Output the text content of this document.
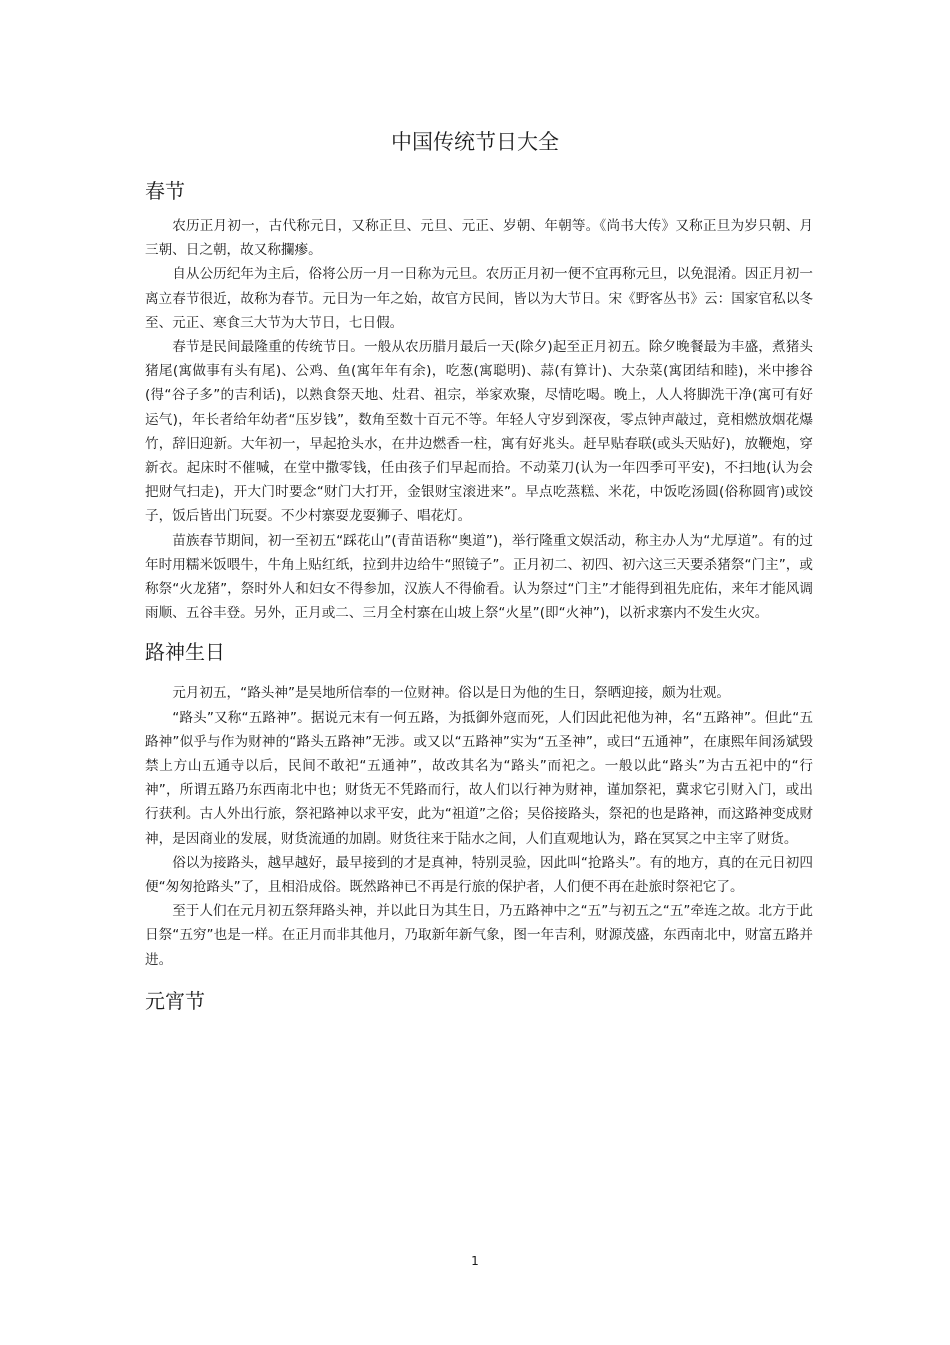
中国传统节日大全
春节

农历正月初一，古代称元日，又称正旦、元旦、元正、岁朝、年朝等。《尚书大传》又称正旦为岁只朝、月三朝、日之朝，故又称攔瘆。

自从公历纪年为主后，俗将公历一月一日称为元旦。农历正月初一便不宜再称元旦，以免混淆。因正月初一离立春节很近，故称为春节。元日为一年之始，故官方民间，皆以为大节日。宋《野客丛书》云：国家官私以冬至、元正、寒食三大节为大节日，七日假。

春节是民间最隆重的传统节日。一般从农历腊月最后一天(除夕)起至正月初五。除夕晚餐最为丰盛，煮猪头猪尾(寓做事有头有尾)、公鸡、鱼(寓年年有余)，吃葱(寓聪明)、蒜(有算计)、大杂菜(寓团结和睦)，米中掺谷(得“谷子多”的吉利话)，以熟食祭天地、灶君、祖宗，举家欢聚，尽情吃喝。晚上，人人将脚洗干净(寓可有好运气)，年长者给年幼者“压岁钱”，数角至数十百元不等。年轻人守岁到深夜，零点钟声敲过，竟相燃放烟花爆竹，辞旧迎新。大年初一，早起抢头水，在井边燃香一柱，寓有好兆头。赶早贴春联(或头天贴好)，放鞭炮，穿新衣。起床时不催喊，在堂中撒零钱，任由孩子们早起而拾。不动菜刀(认为一年四季可平安)，不扫地(认为会把财气扫走)，开大门时要念“财门大打开，金银财宝滚进来”。早点吃蒸糕、米花，中饭吃汤圆(俗称圆宵)或饺子，饭后皆出门玩耍。不少村寨耍龙耍狮子、唱花灯。

苗族春节期间，初一至初五“踩花山”(青苗语称“奥道”)，举行隆重文娱活动，称主办人为“尤厚道”。有的过年时用糯米饭喂牛，牛角上贴红纸，拉到井边给牛“照镜子”。正月初二、初四、初六这三天要杀猪祭“门主”，或称祭“火龙猪”，祭时外人和妇女不得参加，汉族人不得偷看。认为祭过“门主”才能得到祖先庇佑，来年才能风调雨顺、五谷丰登。另外，正月或二、三月全村寨在山坡上祭“火星”(即“火神”)，以祈求寨内不发生火灾。

路神生日

元月初五，“路头神”是吴地所信奉的一位财神。俗以是日为他的生日，祭晒迎接，颇为壮观。

“路头”又称“五路神”。据说元末有一何五路，为抵御外寇而死，人们因此祀他为神，名“五路神”。但此“五路神”似乎与作为财神的“路头五路神”无涉。或又以“五路神”实为“五圣神”，或曰“五通神”，在康熙年间汤斌毁禁上方山五通寺以后，民间不敢祀“五通神”，故改其名为“路头”而祀之。一般以此“路头”为古五祀中的“行神”，所谓五路乃东西南北中也；财货无不凭路而行，故人们以行神为财神，谨加祭祀，冀求它引财入门，或出行获利。古人外出行旅，祭祀路神以求平安，此为“祖道”之俗；吴俗接路头，祭祀的也是路神，而这路神变成财神，是因商业的发展，财货流通的加剧。财货往来于陆水之间，人们直观地认为，路在冥冥之中主宰了财货。

俗以为接路头，越早越好，最早接到的才是真神，特别灵验，因此叫“抢路头”。有的地方，真的在元日初四便“匆匆抢路头”了，且相沿成俗。既然路神已不再是行旅的保护者，人们便不再在赴旅时祭祀它了。

至于人们在元月初五祭拜路头神，并以此日为其生日，乃五路神中之“五”与初五之“五”牵连之故。北方于此日祭“五穷”也是一样。在正月而非其他月，乃取新年新气象，图一年吉利，财源茂盛，东西南北中，财富五路并进。

元宵节
1
